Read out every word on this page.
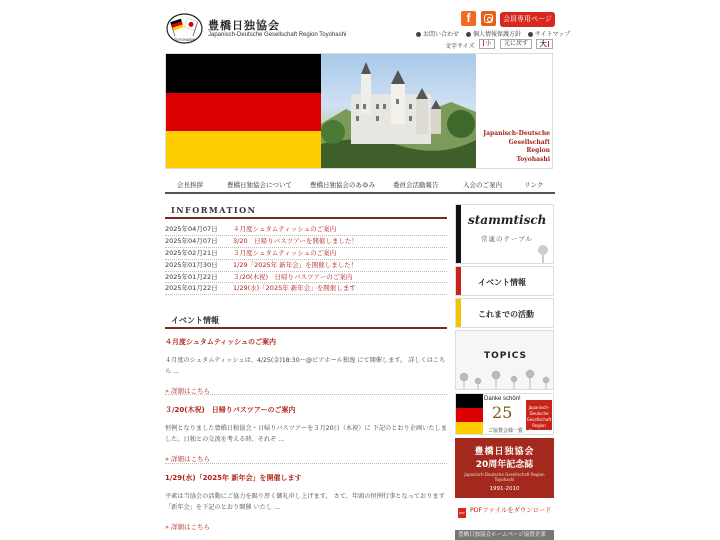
TOYOHASHI
豊橋日独協会
Japanisch-Deutsche Gesellschaft Region Toyohashi
f	会員専用ページ
お問い合わせ 個人情報保護方針 サイトマップ
文字サイズ	小	元に戻す	大
Japanisch-Deutsche
Gesellschaft
Region
Toyohashi
会長挨拶	豊橋日独協会について	豊橋日独協会のあゆみ	委員会活動報告	入会のご案内	リンク
INFORMATION
2025年04月07日 ４月度シュタムティッシュのご案内
2025年04月07日 3/20　日帰りバスツアーを開催しました！
2025年02月21日 ３月度シュタムティッシュのご案内
2025年01月30日 1/29「2025年 新年会」を開催しました！
2025年01月22日 ３/20(木祝)　日帰りバスツアーのご案内
2025年01月22日 1/29(水)「2025年 新年会」を開催します
イベント情報
４月度シュタムティッシュのご案内
４月度のシュタムティッシュは、4/25(金)18:30～@ピアホール独逸 にて開催します。 詳しくはこちら ...
» 詳細はこちら
３/20(木祝)　日帰りバスツアーのご案内
恒例となりました豊橋日独協会・日帰りバスツアーを３月20日（木祝）に 下記のとおり企画いたしました。日独との交流を考える時、それぞ ...
» 詳細はこちら
1/29(水)「2025年 新年会」を開催します
平素は当協会の活動にご協力を賜り厚く御礼申し上げます。 さて、年頭の恒例行事となっております「新年会」を下記のとおり開催 いたし ...
» 詳細はこちら
stammtisch
常連のテーブル
イベント情報
これまでの活動
TOPICS
Danke schön!
25
ご協賛会様一覧
Japanisch-Deutsche
Gesellschaft
Region Toyohashi
豊橋日独協会
20周年記念誌
Japanisch-Deutsche Gesellschaft Region Toyohashi
1991-2010
PDF PDFファイルをダウンロード
豊橋日独協会ホームページ協賛企業
